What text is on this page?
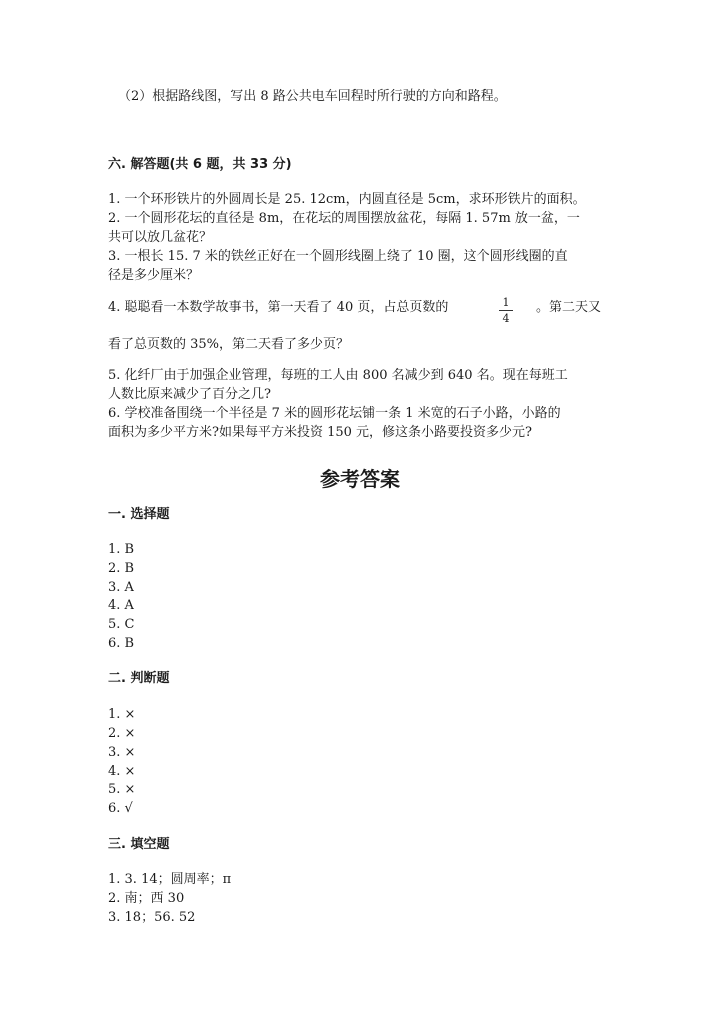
（2）根据路线图，写出 8 路公共电车回程时所行驶的方向和路程。
六. 解答题(共 6 题，共 33 分)
1. 一个环形铁片的外圆周长是 25. 12cm，内圆直径是 5cm，求环形铁片的面积。
2. 一个圆形花坛的直径是 8m，在花坛的周围摆放盆花，每隔 1. 57m 放一盆，一
共可以放几盆花？
3. 一根长 15. 7 米的铁丝正好在一个圆形线圈上绕了 10 圈，这个圆形线圈的直
径是多少厘米？
4. 聪聪看一本数学故事书，第一天看了 40 页，占总页数的	1
4
。第二天又
看了总页数的 35%，第二天看了多少页？
5. 化纤厂由于加强企业管理，每班的工人由 800 名减少到 640 名。现在每班工
人数比原来减少了百分之几?
6. 学校准备围绕一个半径是 7 米的圆形花坛铺一条 1 米宽的石子小路，小路的
面积为多少平方米?如果每平方米投资 150 元，修这条小路要投资多少元?
参考答案
一. 选择题
1. B
2. B
3. A
4. A
5. C
6. B
二. 判断题
1. ×
2. ×
3. ×
4. ×
5. ×
6. √
三. 填空题
1. 3. 14；圆周率；π
2. 南；西 30
3. 18；56. 52
